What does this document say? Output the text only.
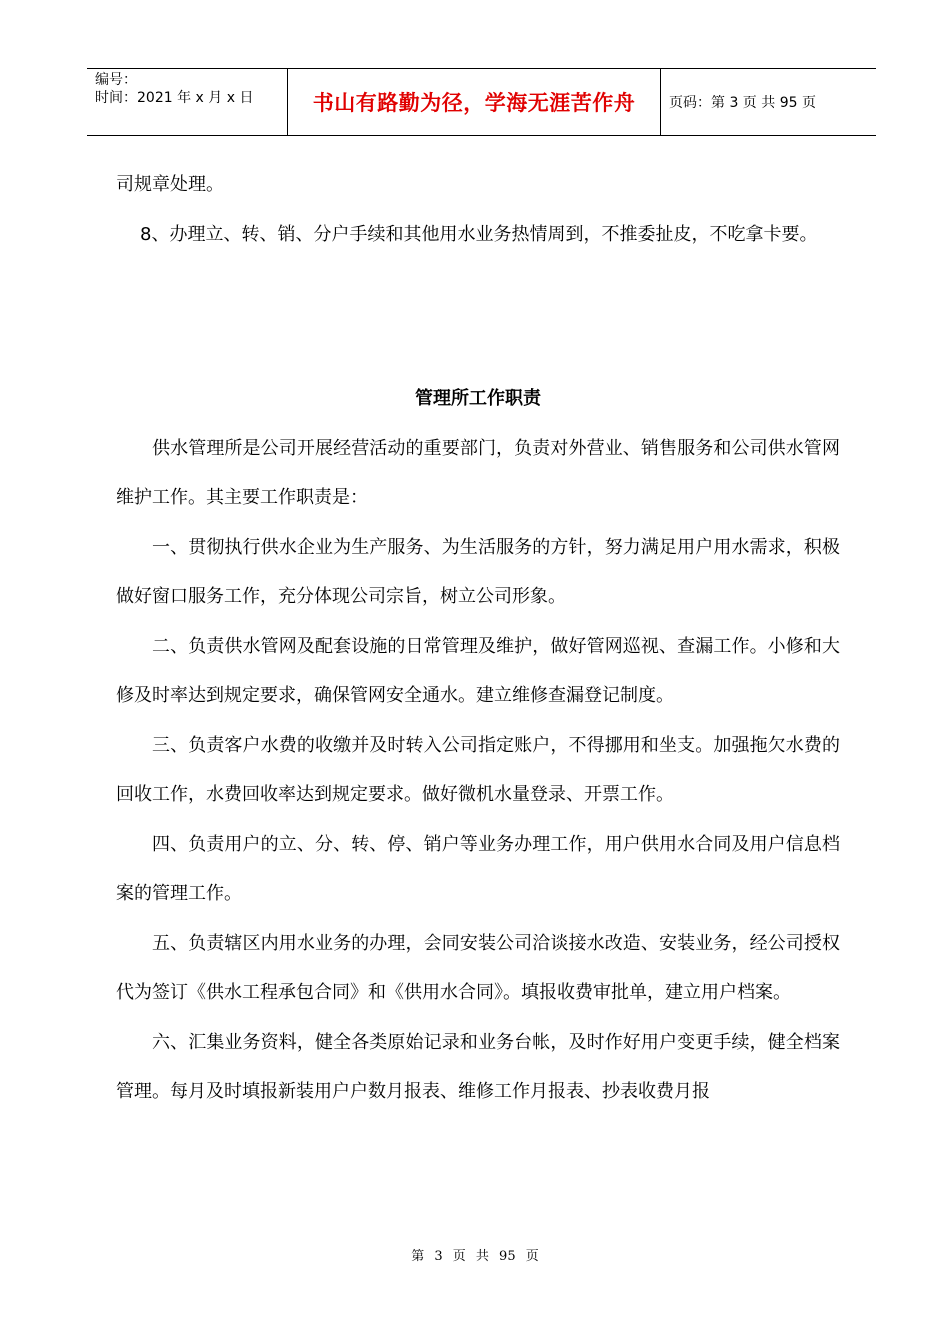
编号：
时间：2021 年 x 月 x 日	书山有路勤为径，学海无涯苦作舟 页码：第 3 页 共 95 页

司规章处理。

8、办理立、转、销、分户手续和其他用水业务热情周到，不推委扯皮，不吃拿卡要。

管理所工作职责

供水管理所是公司开展经营活动的重要部门，负责对外营业、销售服务和公司供水管网维护工作。其主要工作职责是：

一、贯彻执行供水企业为生产服务、为生活服务的方针，努力满足用户用水需求，积极做好窗口服务工作，充分体现公司宗旨，树立公司形象。

二、负责供水管网及配套设施的日常管理及维护，做好管网巡视、查漏工作。小修和大修及时率达到规定要求，确保管网安全通水。建立维修查漏登记制度。

三、负责客户水费的收缴并及时转入公司指定账户，不得挪用和坐支。加强拖欠水费的回收工作，水费回收率达到规定要求。做好微机水量登录、开票工作。

四、负责用户的立、分、转、停、销户等业务办理工作，用户供用水合同及用户信息档案的管理工作。

五、负责辖区内用水业务的办理，会同安装公司洽谈接水改造、安装业务，经公司授权代为签订《供水工程承包合同》和《供用水合同》。填报收费审批单，建立用户档案。

六、汇集业务资料，健全各类原始记录和业务台帐，及时作好用户变更手续，健全档案管理。每月及时填报新装用户户数月报表、维修工作月报表、抄表收费月报

第 3 页 共 95 页
